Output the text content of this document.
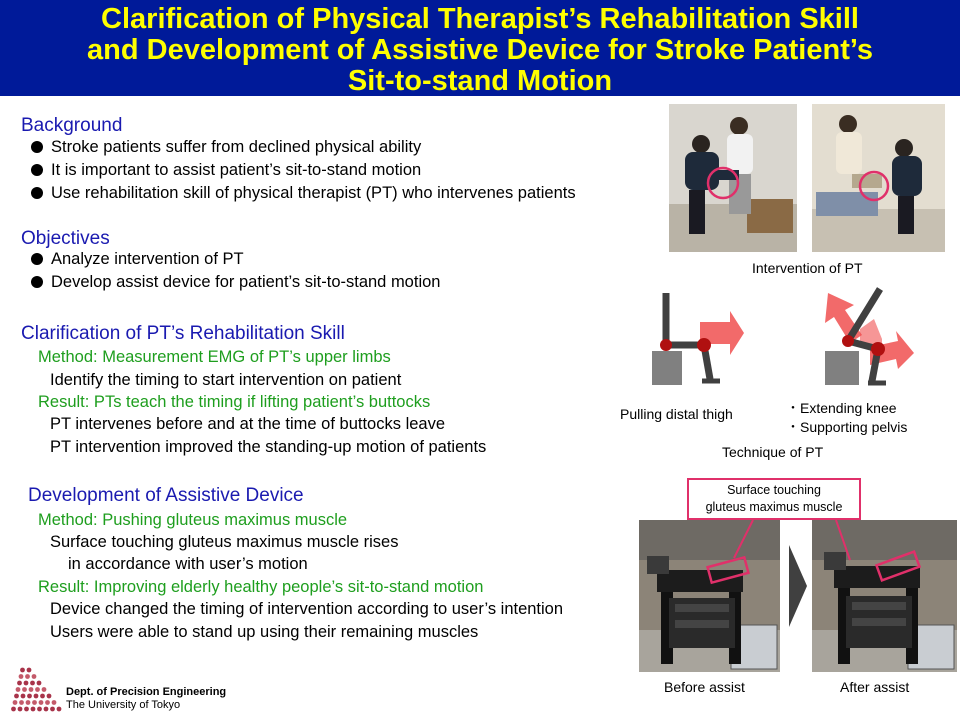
Clarification of Physical Therapist’s Rehabilitation Skill
and Development of Assistive Device for Stroke Patient’s
Sit-to-stand Motion
Background
Stroke patients suffer from declined physical ability
It is important to assist patient’s sit-to-stand motion
Use rehabilitation skill of physical therapist (PT) who intervenes patients
Objectives
Analyze intervention of PT
Develop assist device for patient’s sit-to-stand motion
Clarification of PT’s Rehabilitation Skill
Method: Measurement EMG of PT’s upper limbs
Identify the timing to start intervention on patient
Result: PTs teach the timing if lifting patient’s buttocks
PT intervenes before and at the time of buttocks leave
PT intervention improved the standing-up motion of patients
Development of Assistive Device
Method: Pushing gluteus maximus muscle
Surface touching gluteus maximus muscle rises
in accordance with user’s motion
Result: Improving elderly healthy people’s sit-to-stand motion
Device changed the timing of intervention according to user’s intention
Users were able to stand up using their remaining muscles
Intervention of PT
Pulling distal thigh	・Extending knee
・Supporting pelvis
Technique of PT
Surface touching
gluteus maximus muscle
Before assist	After assist
Dept. of Precision Engineering
The University of Tokyo
